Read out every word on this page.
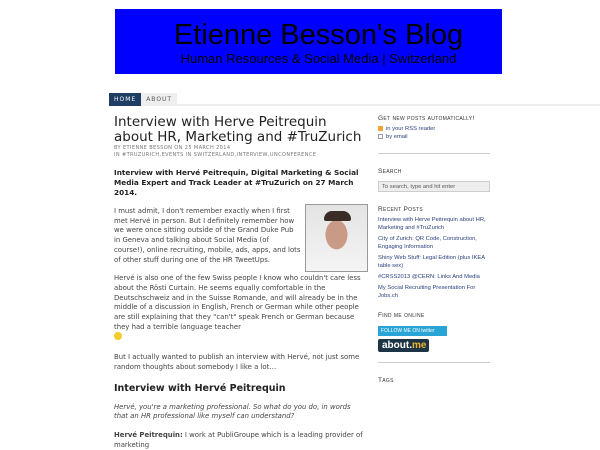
Etienne Besson's Blog
Human Resources & Social Media | Switzerland
HOME	ABOUT
Interview with Herve Peitrequin about HR, Marketing and #TruZurich
BY ETIENNE BESSON ON 25 MARCH 2014
IN #TRUZURICH,EVENTS IN SWITZERLAND,INTERVIEW,UNCONFERENCE
Interview with Hervé Peitrequin, Digital Marketing & Social Media Expert and Track Leader at #TruZurich on 27 March 2014.

I must admit, I don't remember exactly when I first met Hervé in person. But I definitely remember how we were once sitting outside of the Grand Duke Pub in Geneva and talking about Social Media (of course!), online recruiting, mobile, ads, apps, and lots of other stuff during one of the HR TweetUps.

Hervé is also one of the few Swiss people I know who couldn't care less about the Rösti Curtain. He seems equally comfortable in the Deutschschweiz and in the Suisse Romande, and will already be in the middle of a discussion in English, French or German while other people are still explaining that they "can't" speak French or German because they had a terrible language teacher

But I actually wanted to publish an interview with Hervé, not just some random thoughts about somebody I like a lot…

Interview with Hervé Peitrequin

Hervé, you're a marketing professional. So what do you do, in words that an HR professional like myself can understand?

Hervé Peitrequin: I work at PubliGroupe which is a leading provider of marketing

Get new posts automatically!
in your RSS reader
by email
Search
To search, type and hit enter
Recent Posts
Interview with Herve Peitrequin about HR, Marketing and #TruZurich
City of Zurich: QR Code, Construction, Engaging Information
Shiny Web Stuff: Legal Edition (plus IKEA table sex)
#CRSS2013 @CERN: Links And Media
My Social Recruiting Presentation For Jobs.ch
Find me online
FOLLOW ME ON twitter
about.me
Tags
